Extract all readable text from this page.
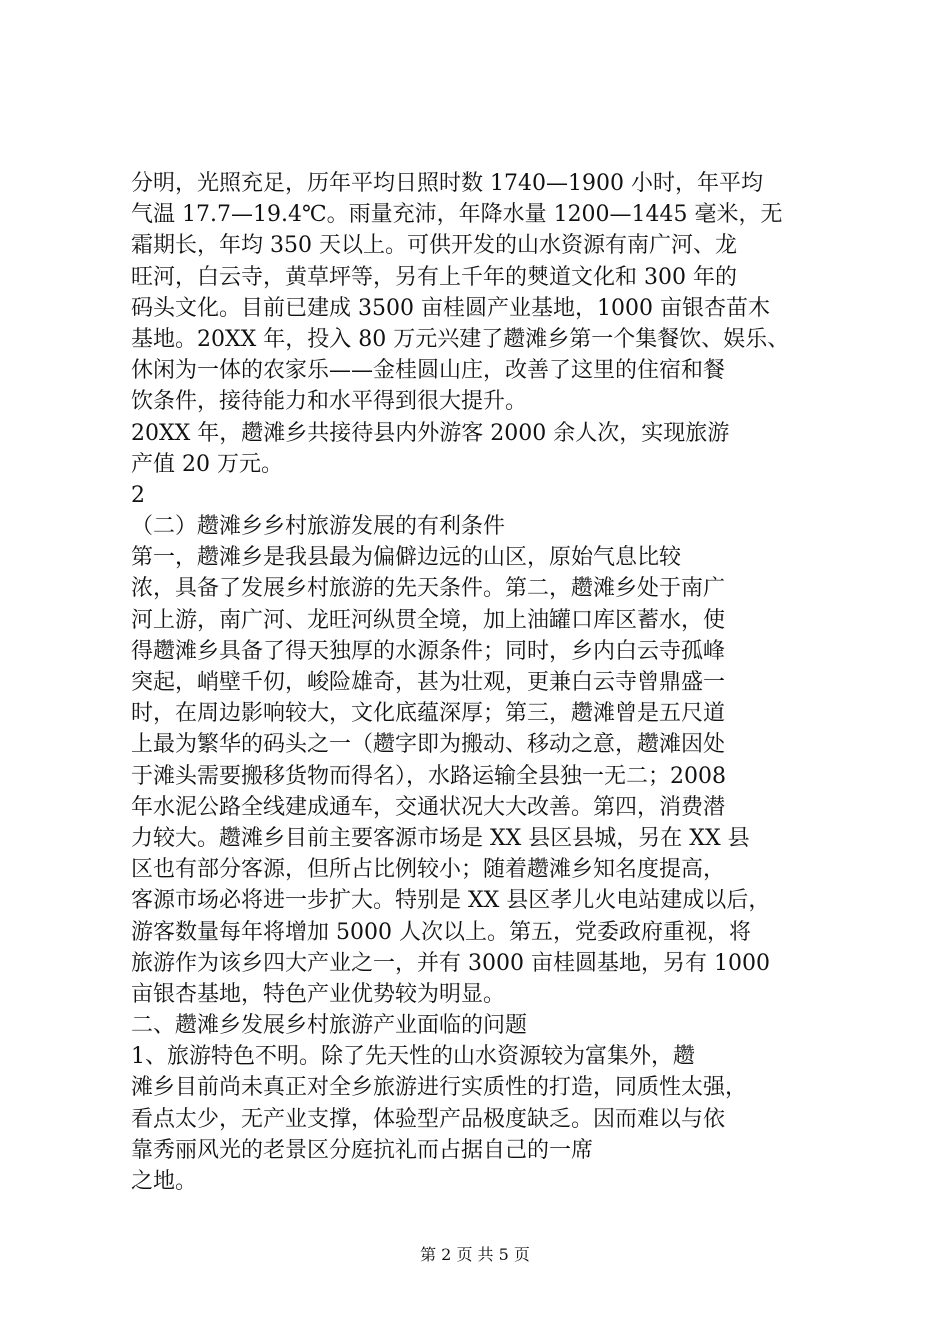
分明，光照充足，历年平均日照时数 1740—1900 小时，年平均
气温 17.7—19.4℃。雨量充沛，年降水量 1200—1445 毫米，无
霜期长，年均 350 天以上。可供开发的山水资源有南广河、龙
旺河，白云寺，黄草坪等，另有上千年的僰道文化和 300 年的
码头文化。目前已建成 3500 亩桂圆产业基地，1000 亩银杏苗木
基地。20XX 年，投入 80 万元兴建了趱滩乡第一个集餐饮、娱乐、
休闲为一体的农家乐——金桂圆山庄，改善了这里的住宿和餐
饮条件，接待能力和水平得到很大提升。
20XX 年，趱滩乡共接待县内外游客 2000 余人次，实现旅游
产值 20 万元。
2
（二）趱滩乡乡村旅游发展的有利条件
第一，趱滩乡是我县最为偏僻边远的山区，原始气息比较
浓，具备了发展乡村旅游的先天条件。第二，趱滩乡处于南广
河上游，南广河、龙旺河纵贯全境，加上油罐口库区蓄水，使
得趱滩乡具备了得天独厚的水源条件；同时，乡内白云寺孤峰
突起，峭壁千仞，峻险雄奇，甚为壮观，更兼白云寺曾鼎盛一
时，在周边影响较大，文化底蕴深厚；第三，趱滩曾是五尺道
上最为繁华的码头之一（趱字即为搬动、移动之意，趱滩因处
于滩头需要搬移货物而得名），水路运输全县独一无二；2008
年水泥公路全线建成通车，交通状况大大改善。第四，消费潜
力较大。趱滩乡目前主要客源市场是 XX 县区县城，另在 XX 县
区也有部分客源，但所占比例较小；随着趱滩乡知名度提高，
客源市场必将进一步扩大。特别是 XX 县区孝儿火电站建成以后，
游客数量每年将增加 5000 人次以上。第五，党委政府重视，将
旅游作为该乡四大产业之一，并有 3000 亩桂圆基地，另有 1000
亩银杏基地，特色产业优势较为明显。
二、趱滩乡发展乡村旅游产业面临的问题
1、旅游特色不明。除了先天性的山水资源较为富集外，趱
滩乡目前尚未真正对全乡旅游进行实质性的打造，同质性太强，
看点太少，无产业支撑，体验型产品极度缺乏。因而难以与依
靠秀丽风光的老景区分庭抗礼而占据自己的一席
之地。
第 2 页 共 5 页
